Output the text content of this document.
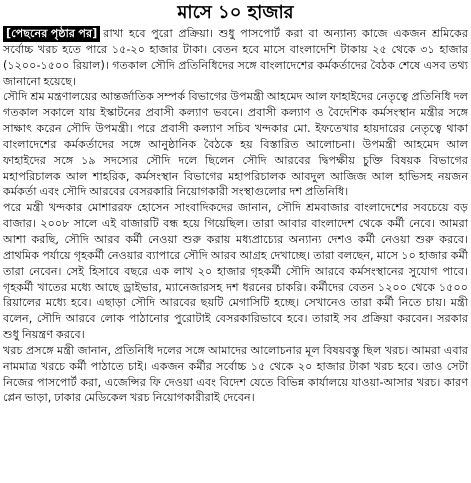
মাসে ১০ হাজার

[পেছনের পৃষ্ঠার পর] রাখা হবে পুরো প্রক্রিয়া। শুধু পাসপোর্ট করা বা অন্যান্য কাজে একজন শ্রমিকের সর্বোচ্চ খরচ হতে পারে ১৫-২০ হাজার টাকা। বেতন হবে মাসে বাংলাদেশি টাকায় ২৫ থেকে ৩১ হাজার (১২০০-১৫০০ রিয়াল)। গতকাল সৌদি প্রতিনিধিদের সঙ্গে বাংলাদেশের কর্মকর্তাদের বৈঠক শেষে এসব তথ্য জানানো হয়েছে।

সৌদি শ্রম মন্ত্রণালয়ের আন্তর্জাতিক সম্পর্ক বিভাগের উপমন্ত্রী আহমেদ আল ফাহাইদের নেতৃত্বে প্রতিনিধি দল গতকাল সকালে যায় ইস্কাটনের প্রবাসী কল্যাণ ভবনে। প্রবাসী কল্যাণ ও বৈদেশিক কর্মসংস্থান মন্ত্রীর সঙ্গে সাক্ষাৎ করেন সৌদি উপমন্ত্রী। পরে প্রবাসী কল্যাণ সচিব খন্দকার মো. ইফতেখার হায়দারের নেতৃত্বে থাকা বাংলাদেশের কর্মকর্তাদের সঙ্গে আনুষ্ঠানিক বৈঠকে হয় বিস্তারিত আলোচনা। উপমন্ত্রী আহমেদ আল ফাহাইদের সঙ্গে ১৯ সদস্যের সৌদি দলে ছিলেন সৌদি আরবের দ্বিপক্ষীয় চুক্তি বিষয়ক বিভাগের মহাপরিচালক আল শাহরিক, কর্মসংস্থান বিভাগের মহাপরিচালক আবদুল আজিজ আল হাভিসহ নয়জন কর্মকর্তা এবং সৌদি আরবের বেসরকারি নিয়োগকারী সংস্থাগুলোর দশ প্রতিনিধি।

পরে মন্ত্রী খন্দকার মোশাররফ হোসেন সাংবাদিকদের জানান, সৌদি শ্রমবাজার বাংলাদেশের সবচেয়ে বড় বাজার। ২০০৮ সালে এই বাজারটি বন্ধ হয়ে গিয়েছিল। তারা আবার বাংলাদেশ থেকে কর্মী নেবে। আমরা আশা করছি, সৌদি আরব কর্মী নেওয়া শুরু করায় মধ্যপ্রাচ্যের অন্যান্য দেশও কর্মী নেওয়া শুরু করবে। প্রাথমিক পর্যায়ে গৃহকর্মী নেওয়ার ব্যাপারে সৌদি আরব আগ্রহ দেখাচ্ছে। তারা বলছেন, মাসে ১০ হাজার কর্মী তারা নেবেন। সেই হিসাবে বছরে এক লাখ ২০ হাজার গৃহকর্মী সৌদি আরবে কর্মসংস্থানের সুযোগ পাবে। গৃহকর্মী খাতের মধ্যে আছে ড্রাইভার, ম্যানেজারসহ দশ ধরনের চাকরি। কর্মীদের বেতন ১২০০ থেকে ১৫০০ রিয়ালের মধ্যে হবে। এছাড়া সৌদি আরবের ছয়টি মেগাসিটি হচ্ছে। সেখানেও তারা কর্মী নিতে চায়। মন্ত্রী বলেন, সৌদি আরবে লোক পাঠানোর পুরোটাই বেসরকারিভাবে হবে। তারাই সব প্রক্রিয়া করবেন। সরকার শুধু নিয়ন্ত্রণ করবে।

খরচ প্রসঙ্গে মন্ত্রী জানান, প্রতিনিধি দলের সঙ্গে আমাদের আলোচনার মূল বিষয়বস্তু ছিল খরচ। আমরা এবার নামমাত্র খরচে কর্মী পাঠাতে চাই। একজন কর্মীর সর্বোচ্চ ১৫ থেকে ২০ হাজার টাকা খরচ হবে। তাও সেটা নিজের পাসপোর্ট করা, এজেন্সির ফি দেওয়া এবং বিদেশ যেতে বিভিন্ন কার্যালয়ে যাওয়া-আসার খরচ। কারণ প্লেন ভাড়া, ঢাকার মেডিকেল খরচ নিয়োগকারীরাই দেবেন।
